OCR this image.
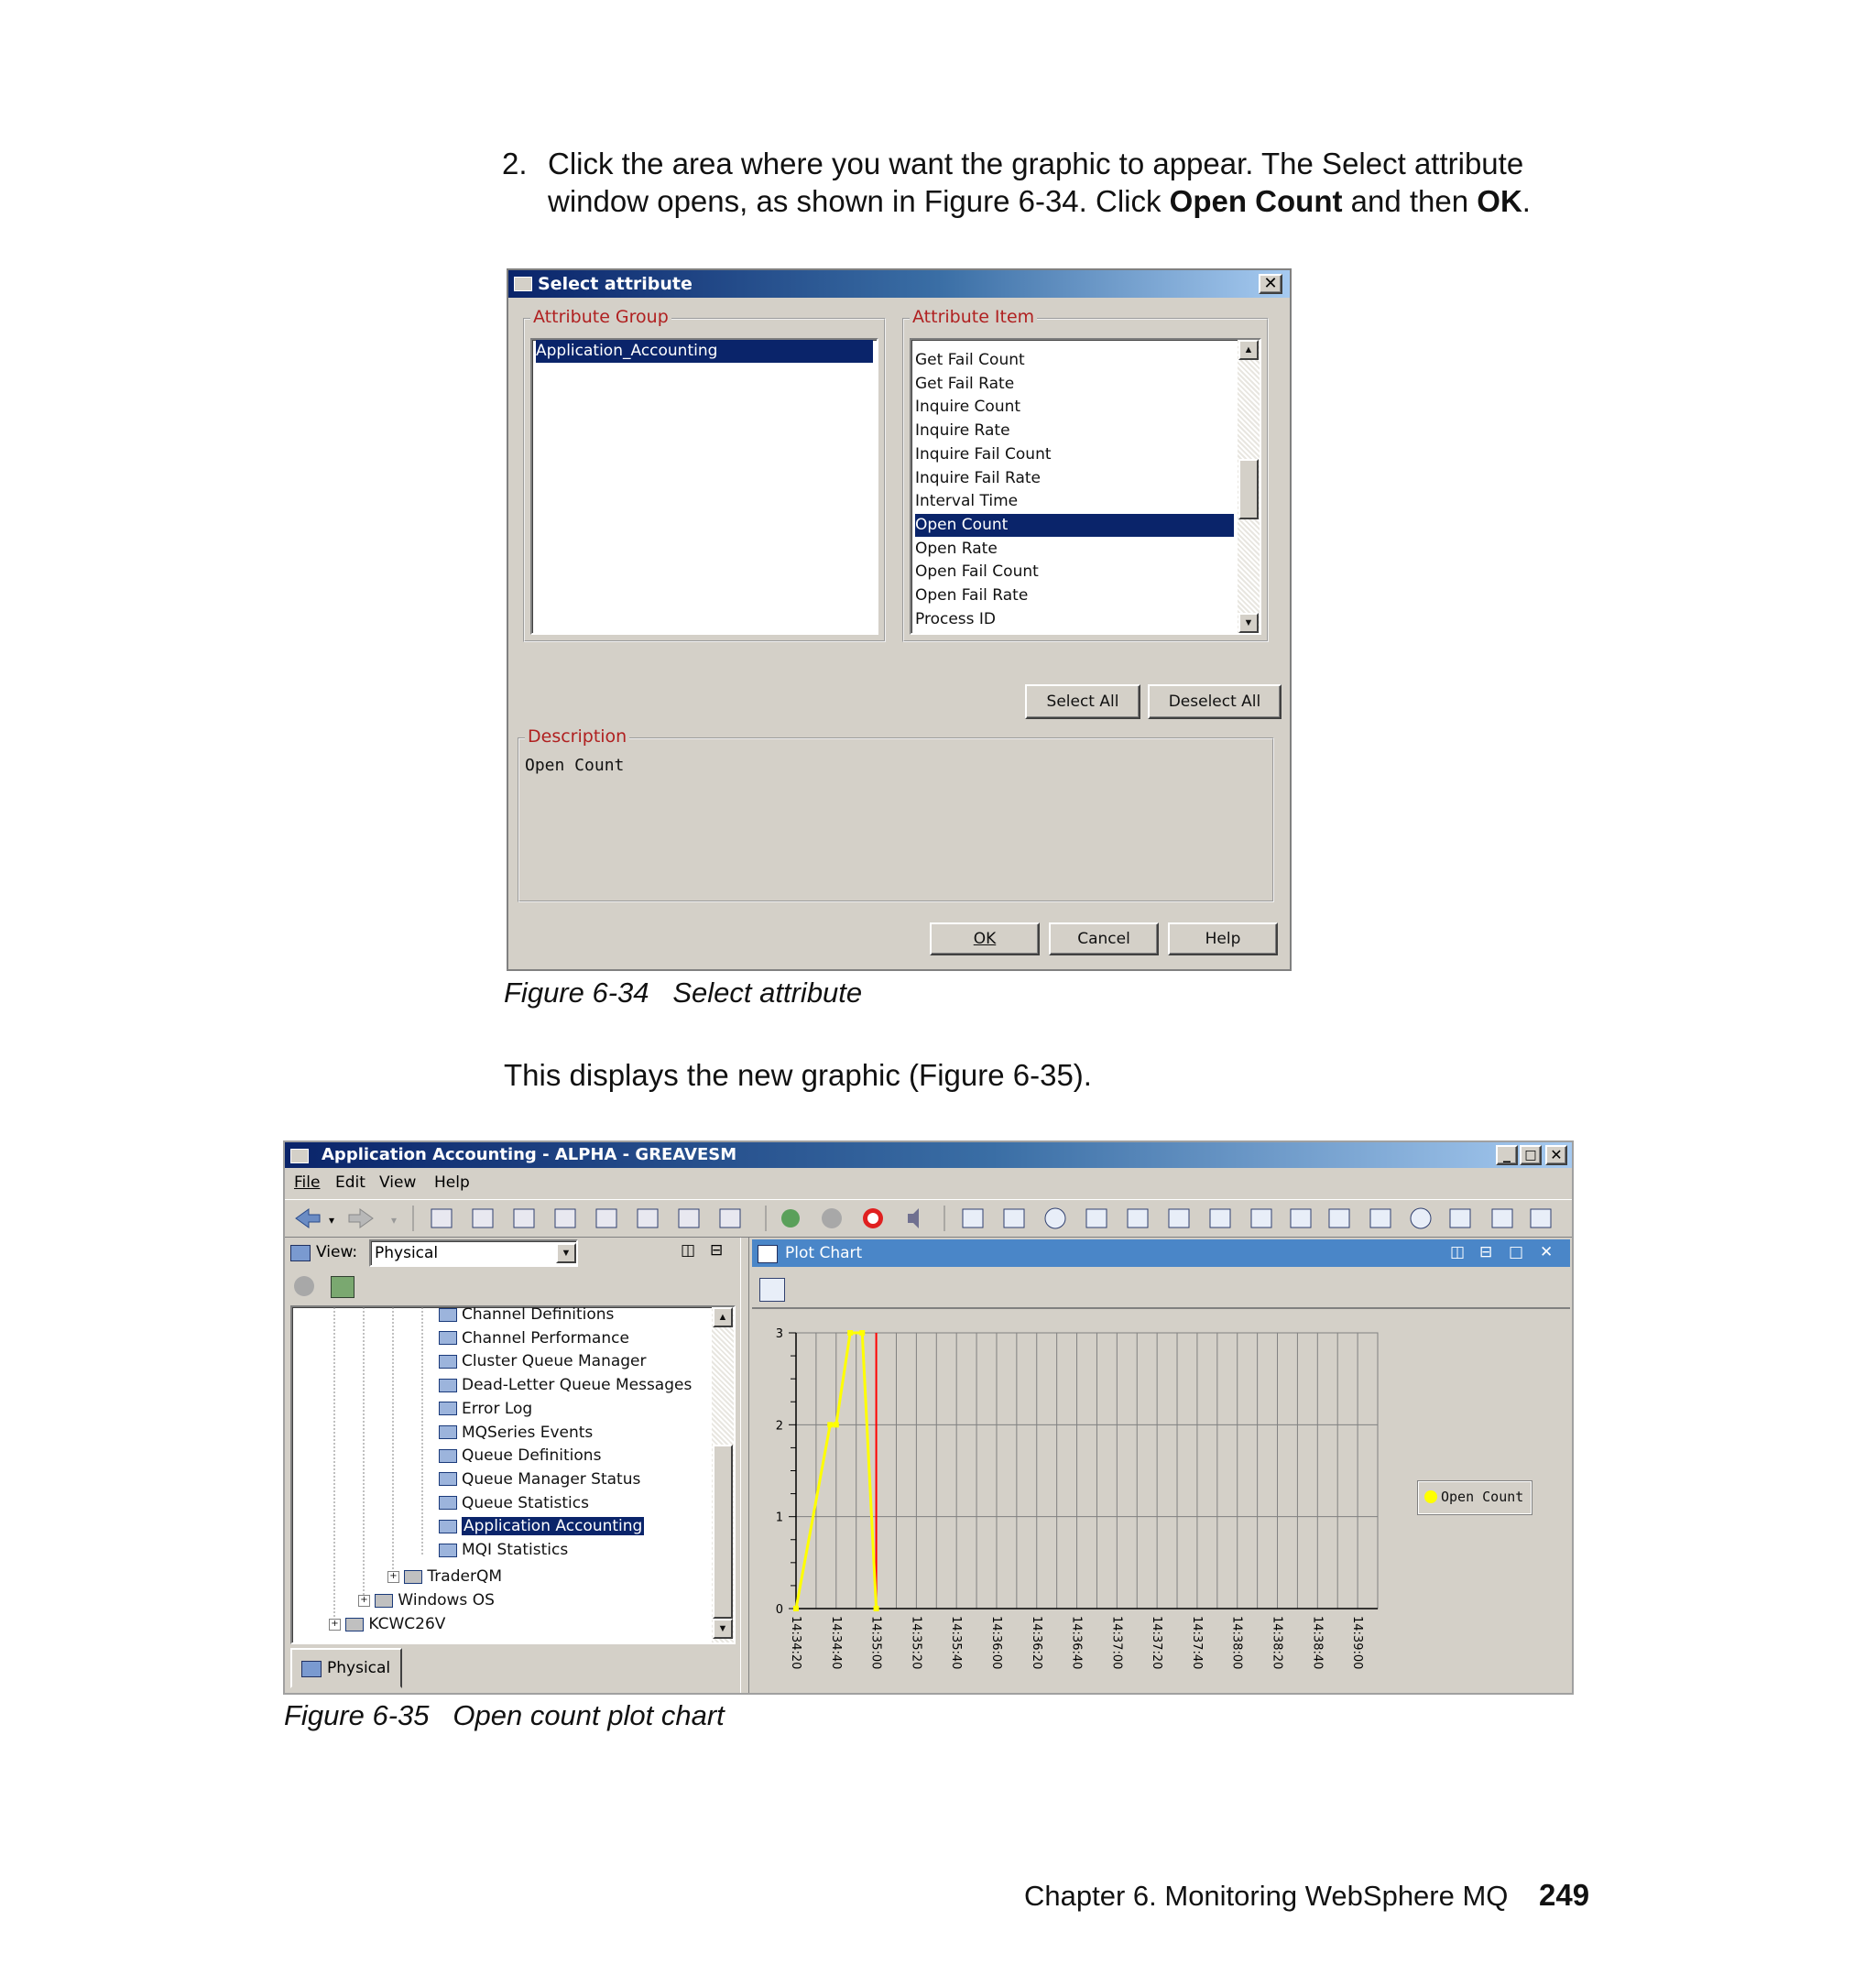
2. Click the area where you want the graphic to appear. The Select attribute
window opens, as shown in Figure 6-34. Click Open Count and then OK.
Select attribute	✕
Attribute Group
Application_Accounting
Attribute Item
Get Fail Count
Get Fail Rate
Inquire Count
Inquire Rate
Inquire Fail Count
Inquire Fail Rate
Interval Time
Open Count
Open Rate
Open Fail Count
Open Fail Rate
Process ID
▲
▼
Select All	Deselect All
Description
Open Count
OK	Cancel	Help
Figure 6-34   Select attribute
This displays the new graphic (Figure 6-35).
Application Accounting - ALPHA - GREAVESM	_	□ ✕
File Edit View Help
▾	▾
View: Physical	▼	◫ ⊟
Channel Definitions
Channel Performance
Cluster Queue Manager
Dead-Letter Queue Messages
Error Log
MQSeries Events
Queue Definitions
Queue Manager Status
Queue Statistics
Application Accounting
MQI Statistics
+ TraderQM
+ Windows OS
+ KCWC26V
▲
▼
Physical
Plot Chart	◫ ⊟ □ ✕
14:34:20 14:34:40 14:35:00 14:35:20 14:35:40 14:36:00 14:36:20 14:36:40 14:37:00 14:37:20 14:37:40 14:38:00 14:38:20 14:38:40 14:39:00
0
1
2
3
Open Count
Figure 6-35   Open count plot chart
Chapter 6. Monitoring WebSphere MQ 249
